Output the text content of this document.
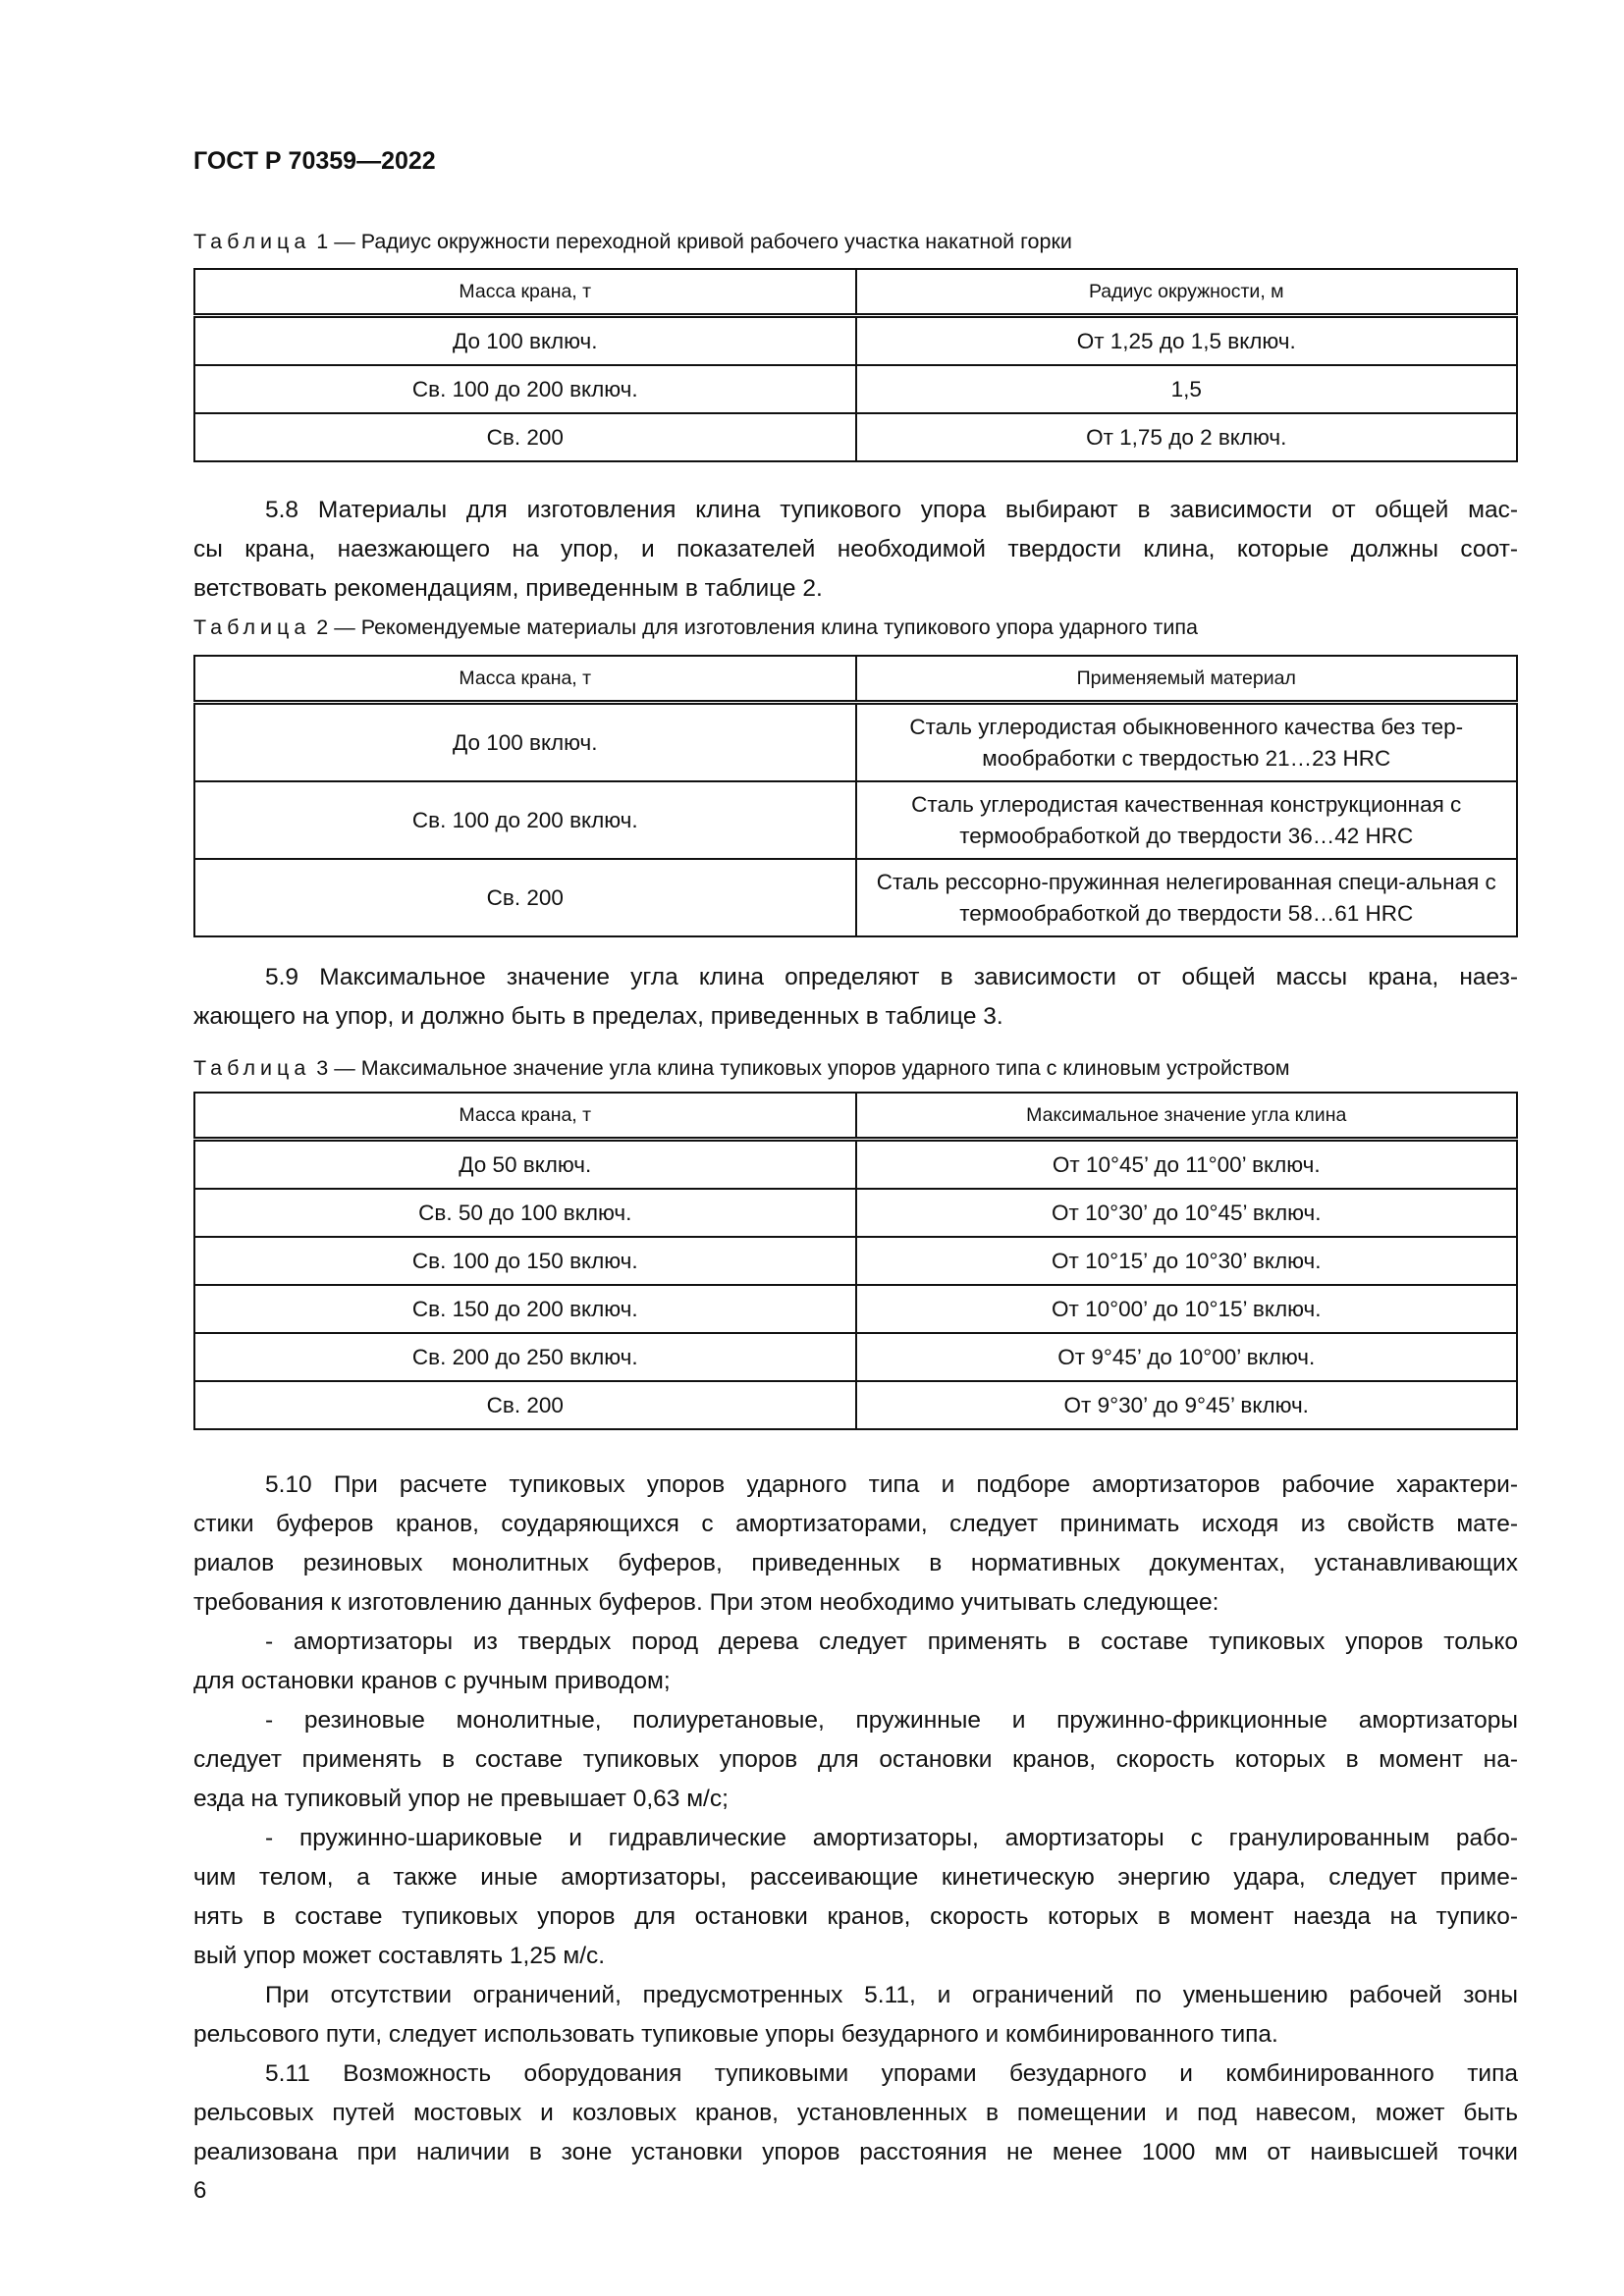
ГОСТ Р 70359—2022
Таблица 1 — Радиус окружности переходной кривой рабочего участка накатной горки
Масса крана, т	Радиус окружности, м
До 100 включ.	От 1,25 до 1,5 включ.
Св. 100 до 200 включ.	1,5
Св. 200	От 1,75 до 2 включ.
5.8 Материалы для изготовления клина тупикового упора выбирают в зависимости от общей мас-
сы крана, наезжающего на упор, и показателей необходимой твердости клина, которые должны соот-
ветствовать рекомендациям, приведенным в таблице 2.
Таблица 2 — Рекомендуемые материалы для изготовления клина тупикового упора ударного типа
Масса крана, т	Применяемый материал
До 100 включ.	Сталь углеродистая обыкновенного качества без тер-мообработки с твердостью 21…23 HRC
Св. 100 до 200 включ.	Сталь углеродистая качественная конструкционная с термообработкой до твердости 36…42 HRC
Св. 200	Сталь рессорно-пружинная нелегированная специ-альная с термообработкой до твердости 58…61 HRC
5.9 Максимальное значение угла клина определяют в зависимости от общей массы крана, наез-
жающего на упор, и должно быть в пределах, приведенных в таблице 3.
Таблица 3 — Максимальное значение угла клина тупиковых упоров ударного типа с клиновым устройством
Масса крана, т	Максимальное значение угла клина
До 50 включ.	От 10°45’ до 11°00’ включ.
Св. 50 до 100 включ.	От 10°30’ до 10°45’ включ.
Св. 100 до 150 включ.	От 10°15’ до 10°30’ включ.
Св. 150 до 200 включ.	От 10°00’ до 10°15’ включ.
Св. 200 до 250 включ.	От 9°45’ до 10°00’ включ.
Св. 200	От 9°30’ до 9°45’ включ.
5.10 При расчете тупиковых упоров ударного типа и подборе амортизаторов рабочие характери-
стики буферов кранов, соударяющихся с амортизаторами, следует принимать исходя из свойств мате-
риалов резиновых монолитных буферов, приведенных в нормативных документах, устанавливающих
требования к изготовлению данных буферов. При этом необходимо учитывать следующее:
- амортизаторы из твердых пород дерева следует применять в составе тупиковых упоров только
для остановки кранов с ручным приводом;
- резиновые монолитные, полиуретановые, пружинные и пружинно-фрикционные амортизаторы
следует применять в составе тупиковых упоров для остановки кранов, скорость которых в момент на-
езда на тупиковый упор не превышает 0,63 м/с;
- пружинно-шариковые и гидравлические амортизаторы, амортизаторы с гранулированным рабо-
чим телом, а также иные амортизаторы, рассеивающие кинетическую энергию удара, следует приме-
нять в составе тупиковых упоров для остановки кранов, скорость которых в момент наезда на тупико-
вый упор может составлять 1,25 м/с.
При отсутствии ограничений, предусмотренных 5.11, и ограничений по уменьшению рабочей зоны
рельсового пути, следует использовать тупиковые упоры безударного и комбинированного типа.
5.11 Возможность оборудования тупиковыми упорами безударного и комбинированного типа
рельсовых путей мостовых и козловых кранов, установленных в помещении и под навесом, может быть
реализована при наличии в зоне установки упоров расстояния не менее 1000 мм от наивысшей точки
6
